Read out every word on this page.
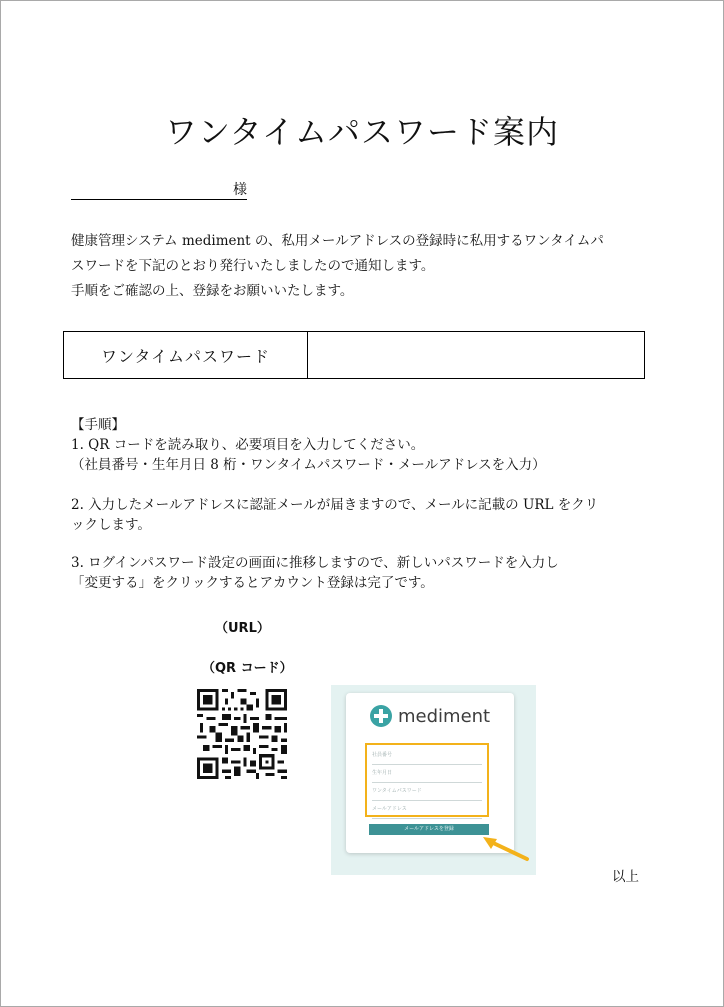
ワンタイムパスワード案内
様

健康管理システム mediment の、私用メールアドレスの登録時に私用するワンタイムパ

スワードを下記のとおり発行いたしましたので通知します。

手順をご確認の上、登録をお願いいたします。

ワンタイムパスワード

【手順】

1. QR コードを読み取り、必要項目を入力してください。

（社員番号・生年月日 8 桁・ワンタイムパスワード・メールアドレスを入力）

2. 入力したメールアドレスに認証メールが届きますので、メールに記載の URL をクリ

ックします。

3. ログインパスワード設定の画面に推移しますので、新しいパスワードを入力し

「変更する」をクリックするとアカウント登録は完了です。

（URL）
（QR コード）
mediment
社員番号
生年月日
ワンタイムパスワード
メールアドレス
メールアドレスを登録
以上
